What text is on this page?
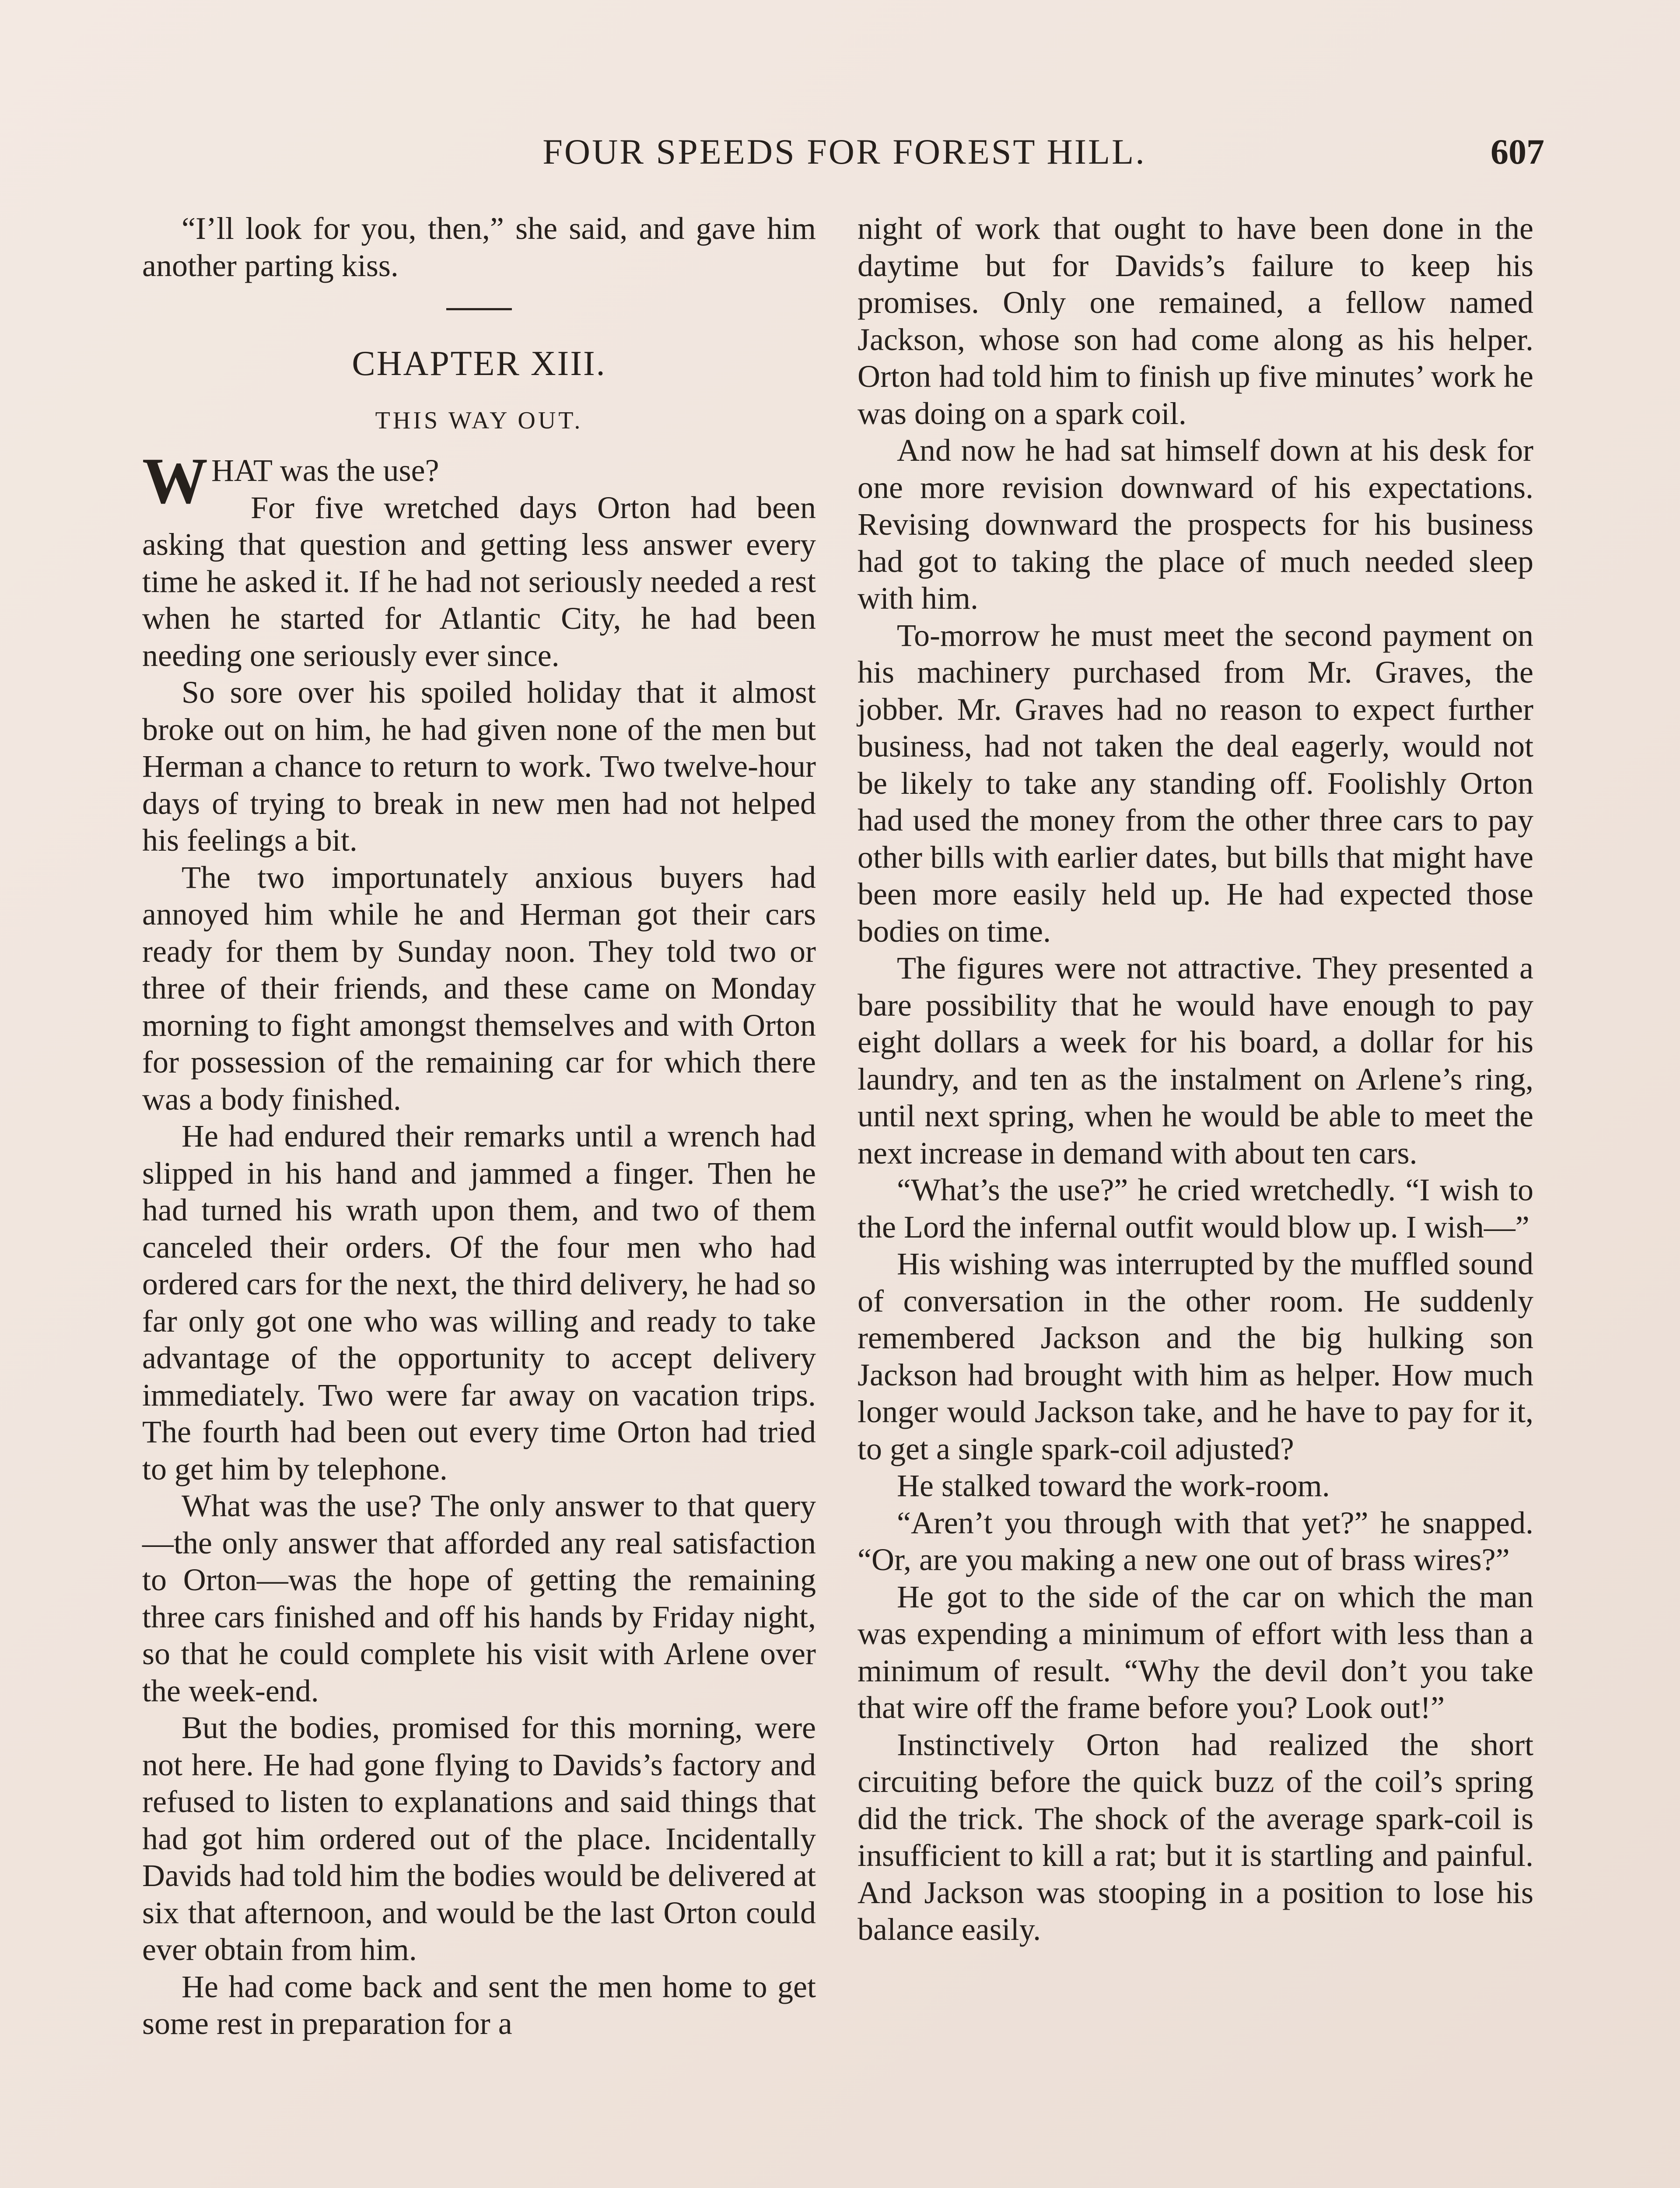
FOUR SPEEDS FOR FOREST HILL.	607

“I’ll look for you, then,” she said, and gave him another parting kiss.

CHAPTER XIII.
THIS WAY OUT.

WHAT was the use?

For five wretched days Orton had been asking that question and getting less answer every time he asked it. If he had not seriously needed a rest when he started for Atlantic City, he had been needing one seriously ever since.

So sore over his spoiled holiday that it almost broke out on him, he had given none of the men but Herman a chance to return to work. Two twelve-hour days of trying to break in new men had not helped his feelings a bit.

The two importunately anxious buyers had annoyed him while he and Herman got their cars ready for them by Sunday noon. They told two or three of their friends, and these came on Monday morning to fight amongst themselves and with Orton for possession of the remaining car for which there was a body finished.

He had endured their remarks until a wrench had slipped in his hand and jammed a finger. Then he had turned his wrath upon them, and two of them canceled their orders. Of the four men who had ordered cars for the next, the third delivery, he had so far only got one who was willing and ready to take advantage of the opportunity to accept delivery immediately. Two were far away on vacation trips. The fourth had been out every time Orton had tried to get him by telephone.

What was the use? The only answer to that query—the only answer that afforded any real satisfaction to Orton—was the hope of getting the remaining three cars finished and off his hands by Friday night, so that he could complete his visit with Arlene over the week-end.

But the bodies, promised for this morning, were not here. He had gone flying to Davids’s factory and refused to listen to explanations and said things that had got him ordered out of the place. Incidentally Davids had told him the bodies would be delivered at six that afternoon, and would be the last Orton could ever obtain from him.

He had come back and sent the men home to get some rest in preparation for a

night of work that ought to have been done in the daytime but for Davids’s failure to keep his promises. Only one remained, a fellow named Jackson, whose son had come along as his helper. Orton had told him to finish up five minutes’ work he was doing on a spark coil.

And now he had sat himself down at his desk for one more revision downward of his expectations. Revising downward the prospects for his business had got to taking the place of much needed sleep with him.

To-morrow he must meet the second payment on his machinery purchased from Mr. Graves, the jobber. Mr. Graves had no reason to expect further business, had not taken the deal eagerly, would not be likely to take any standing off. Foolishly Orton had used the money from the other three cars to pay other bills with earlier dates, but bills that might have been more easily held up. He had expected those bodies on time.

The figures were not attractive. They presented a bare possibility that he would have enough to pay eight dollars a week for his board, a dollar for his laundry, and ten as the instalment on Arlene’s ring, until next spring, when he would be able to meet the next increase in demand with about ten cars.

“What’s the use?” he cried wretchedly. “I wish to the Lord the infernal outfit would blow up. I wish—”

His wishing was interrupted by the muffled sound of conversation in the other room. He suddenly remembered Jackson and the big hulking son Jackson had brought with him as helper. How much longer would Jackson take, and he have to pay for it, to get a single spark-coil adjusted?

He stalked toward the work-room.

“Aren’t you through with that yet?” he snapped. “Or, are you making a new one out of brass wires?”

He got to the side of the car on which the man was expending a minimum of effort with less than a minimum of result. “Why the devil don’t you take that wire off the frame before you? Look out!”

Instinctively Orton had realized the short circuiting before the quick buzz of the coil’s spring did the trick. The shock of the average spark-coil is insufficient to kill a rat; but it is startling and painful. And Jackson was stooping in a position to lose his balance easily.
